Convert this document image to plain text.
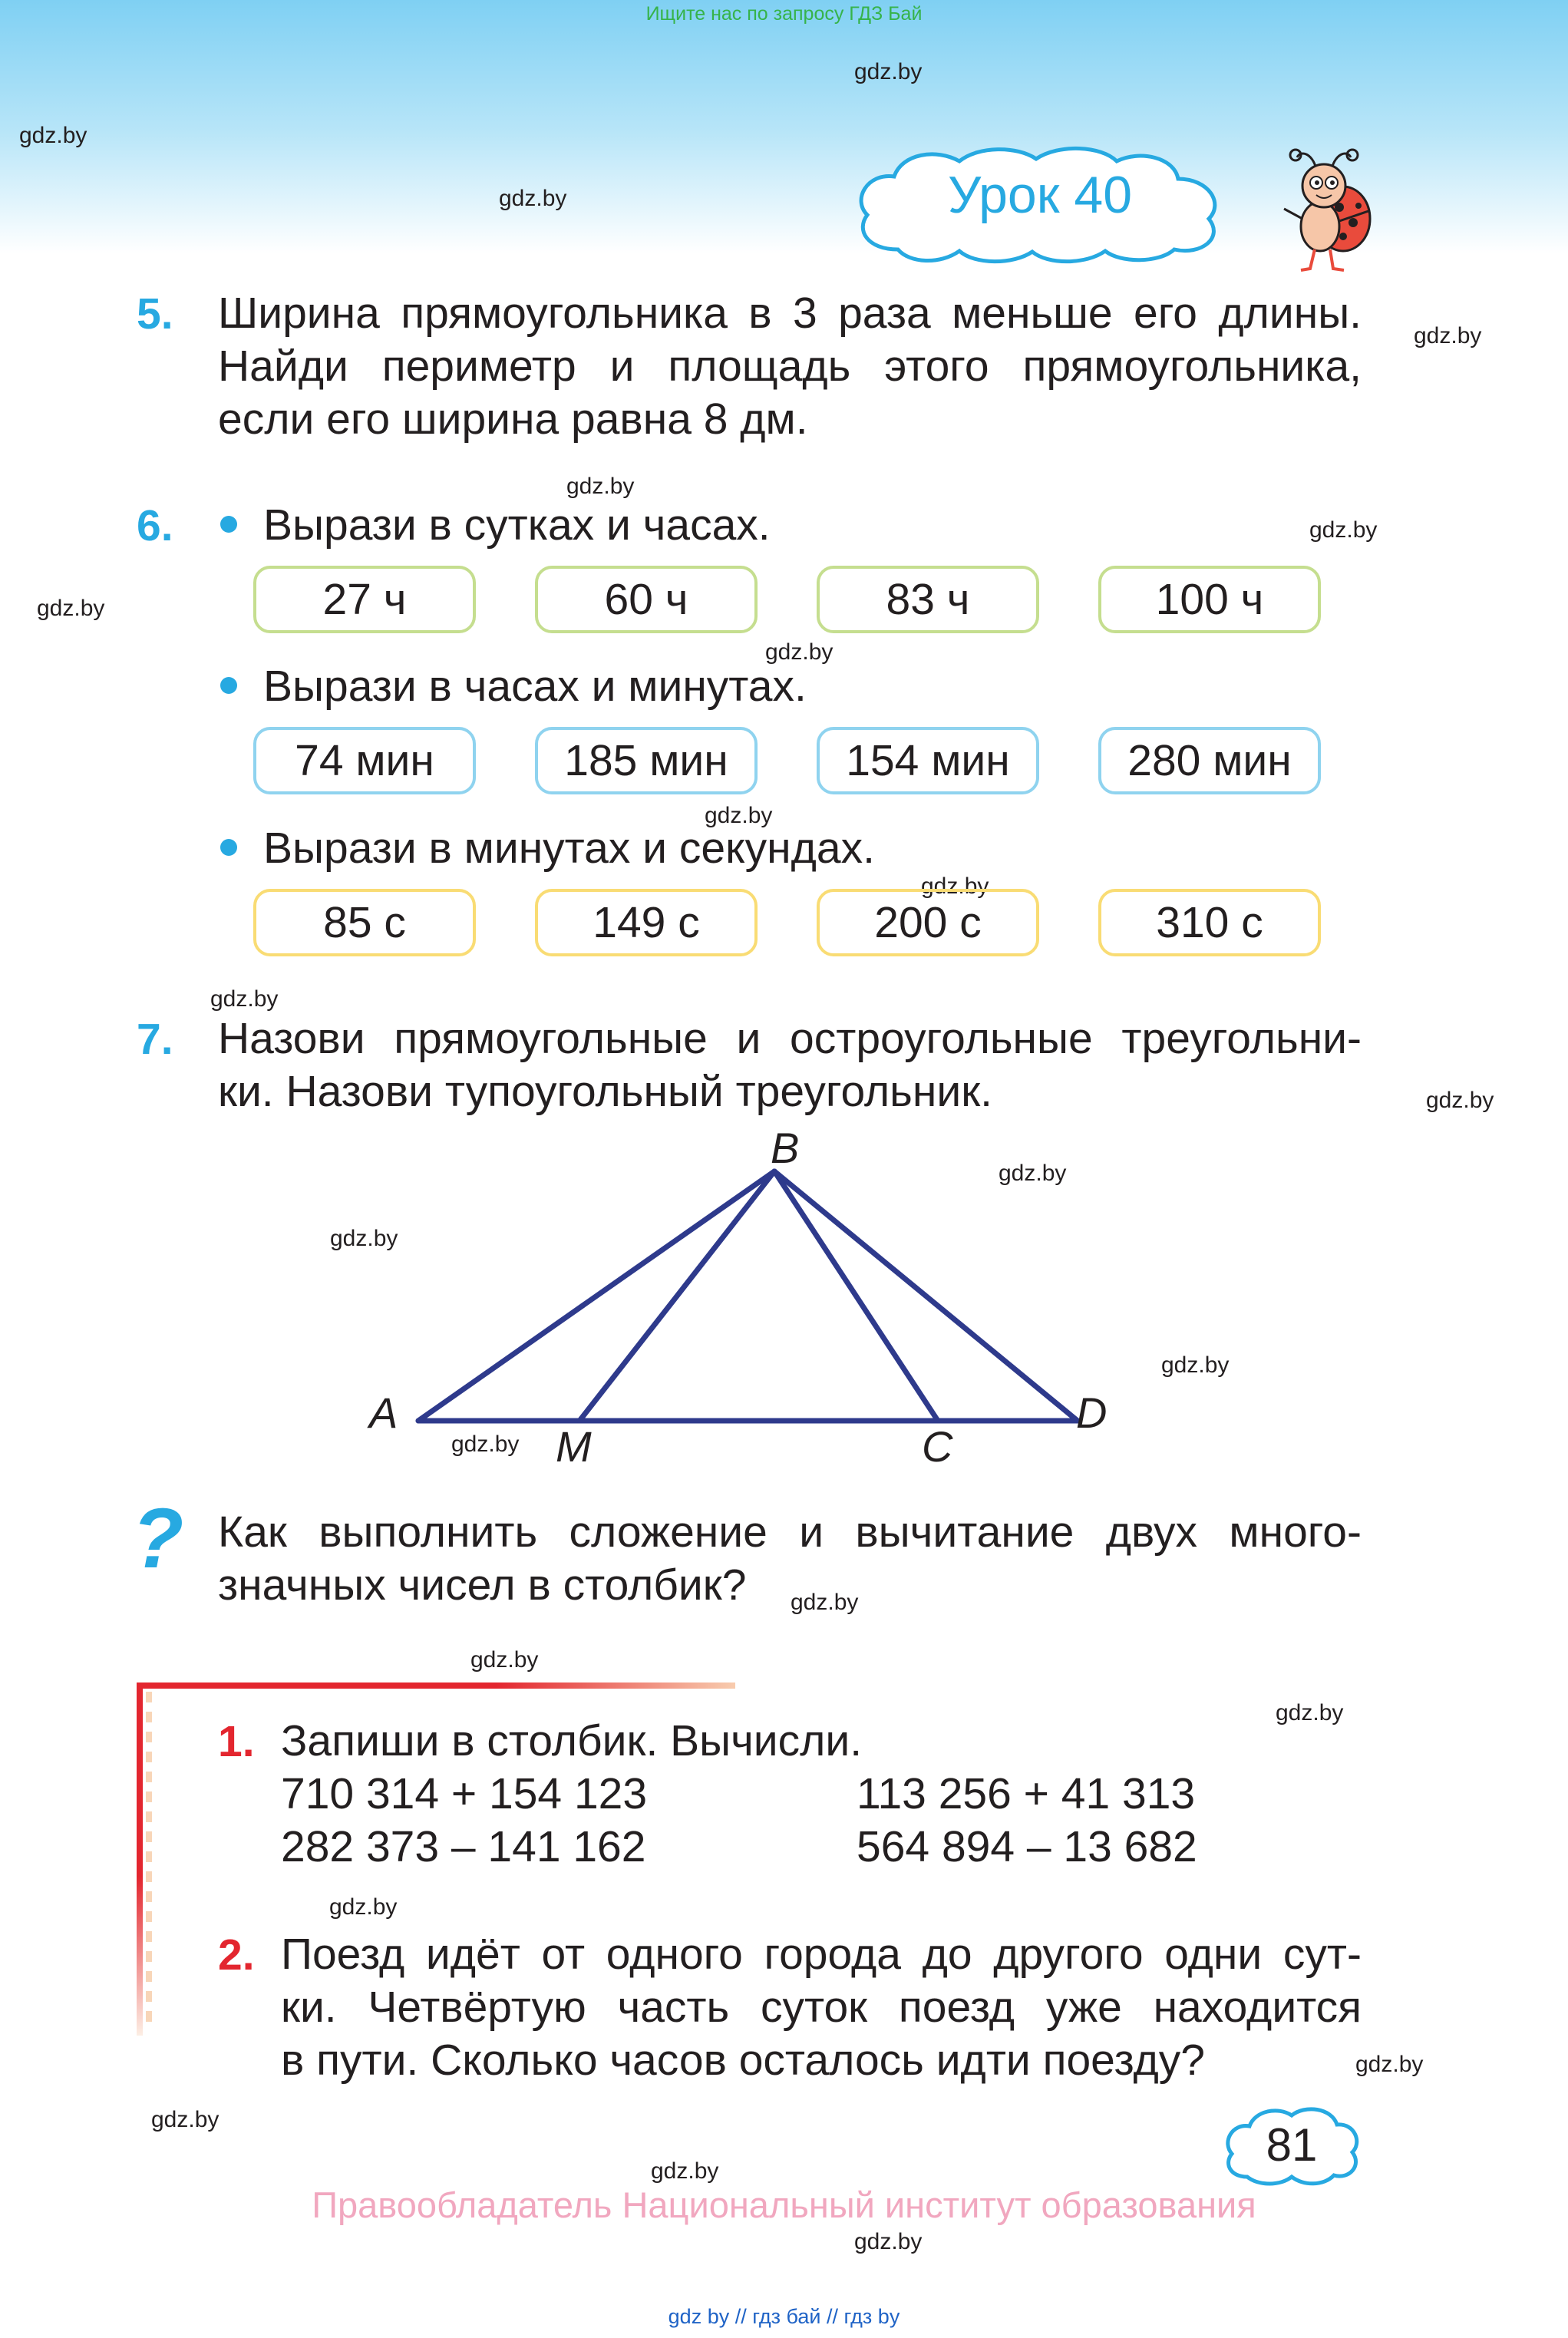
Ищите нас по запросу ГДЗ Бай
gdz.by
gdz.by
gdz.by
gdz.by
gdz.by
gdz.by
gdz.by
gdz.by
gdz.by
gdz.by
gdz.by
gdz.by
gdz.by
gdz.by
gdz.by
gdz.by
gdz.by
gdz.by
gdz.by
gdz.by
gdz.by
gdz.by
gdz.by
gdz.by
Урок 40
5. Ширина прямоугольника в 3 раза меньше его длины.
Найди периметр и площадь этого прямоугольника,
если его ширина равна 8 дм.
6. Вырази в сутках и часах.
27 ч	60 ч	83 ч	100 ч
Вырази в часах и минутах.
74 мин	185 мин	154 мин	280 мин
Вырази в минутах и секундах.
85 с	149 с	200 с	310 с
7. Назови прямоугольные и остроугольные треугольни-
ки. Назови тупоугольный треугольник.
B
A	D
M	C
? Как выполнить сложение и вычитание двух много-
значных чисел в столбик?
1. Запиши в столбик. Вычисли.
710 314 + 154 123	113 256 + 41 313
282 373 – 141 162	564 894 – 13 682
2. Поезд идёт от одного города до другого одни сут-
ки. Четвёртую часть суток поезд уже находится
в пути. Сколько часов осталось идти поезду?
81
Правообладатель Национальный институт образования
gdz by // гдз бай // гдз by
